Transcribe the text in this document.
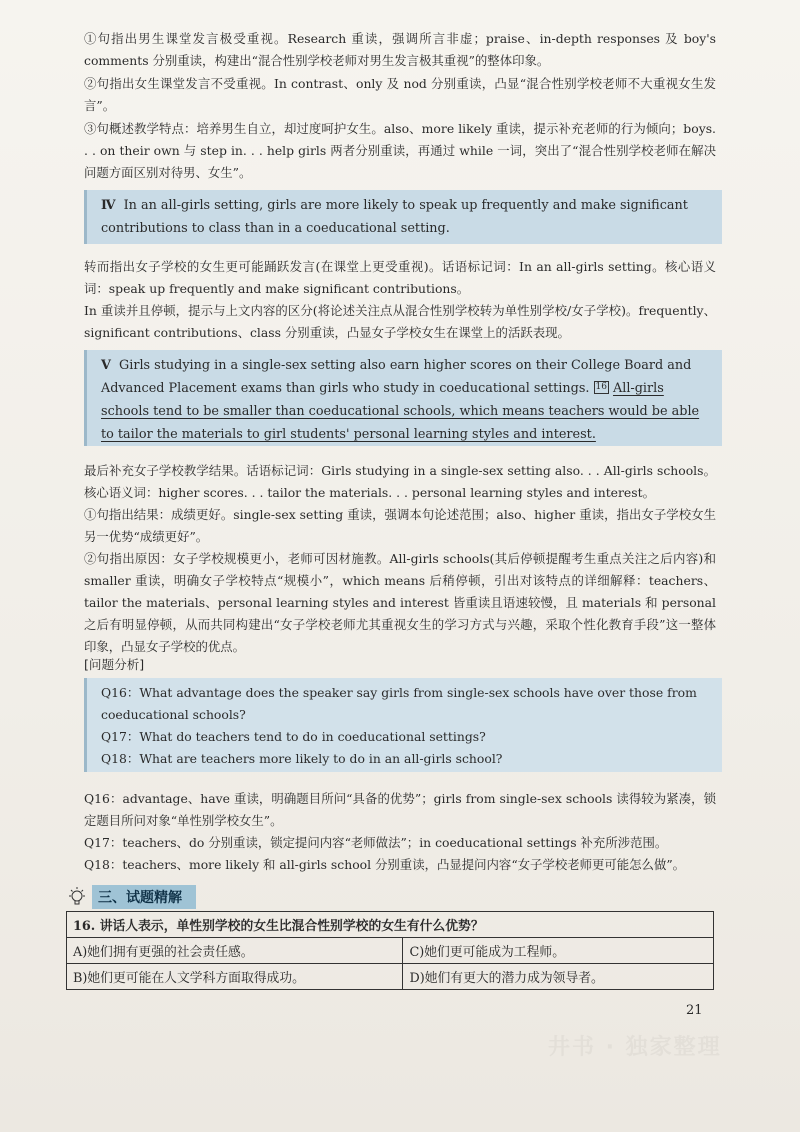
①句指出男生课堂发言极受重视。Research 重读，强调所言非虚；praise、in-depth responses 及 boy's comments 分别重读，构建出“混合性别学校老师对男生发言极其重视”的整体印象。

②句指出女生课堂发言不受重视。In contrast、only 及 nod 分别重读，凸显“混合性别学校老师不大重视女生发言”。

③句概述教学特点：培养男生自立，却过度呵护女生。also、more likely 重读，提示补充老师的行为倾向；boys. . . on their own 与 step in. . . help girls 两者分别重读，再通过 while 一词，突出了“混合性别学校老师在解决问题方面区别对待男、女生”。

Ⅳ In an all-girls setting, girls are more likely to speak up frequently and make significant contributions to class than in a coeducational setting.

转而指出女子学校的女生更可能踊跃发言(在课堂上更受重视)。话语标记词：In an all-girls setting。核心语义词：speak up frequently and make significant contributions。

In 重读并且停顿，提示与上文内容的区分(将论述关注点从混合性别学校转为单性别学校/女子学校)。frequently、significant contributions、class 分别重读，凸显女子学校女生在课堂上的活跃表现。

Ⅴ Girls studying in a single-sex setting also earn higher scores on their College Board and Advanced Placement exams than girls who study in coeducational settings. 16 All-girls schools tend to be smaller than coeducational schools, which means teachers would be able to tailor the materials to girl students' personal learning styles and interest.

最后补充女子学校教学结果。话语标记词：Girls studying in a single-sex setting also. . . All-girls schools。核心语义词：higher scores. . . tailor the materials. . . personal learning styles and interest。

①句指出结果：成绩更好。single-sex setting 重读，强调本句论述范围；also、higher 重读，指出女子学校女生另一优势“成绩更好”。

②句指出原因：女子学校规模更小，老师可因材施教。All-girls schools(其后停顿提醒考生重点关注之后内容)和 smaller 重读，明确女子学校特点“规模小”，which means 后稍停顿，引出对该特点的详细解释：teachers、tailor the materials、personal learning styles and interest 皆重读且语速较慢，且 materials 和 personal 之后有明显停顿，从而共同构建出“女子学校老师尤其重视女生的学习方式与兴趣，采取个性化教育手段”这一整体印象，凸显女子学校的优点。

[问题分析]
Q16：What advantage does the speaker say girls from single-sex schools have over those from coeducational schools?
Q17：What do teachers tend to do in coeducational settings?
Q18：What are teachers more likely to do in an all-girls school?

Q16：advantage、have 重读，明确题目所问“具备的优势”；girls from single-sex schools 读得较为紧凑，锁定题目所问对象“单性别学校女生”。

Q17：teachers、do 分别重读，锁定提问内容“老师做法”；in coeducational settings 补充所涉范围。

Q18：teachers、more likely 和 all-girls school 分别重读，凸显提问内容“女子学校老师更可能怎么做”。

三、试题精解
16. 讲话人表示，单性别学校的女生比混合性别学校的女生有什么优势？	
A)她们拥有更强的社会责任感。	C)她们更可能成为工程师。
B)她们更可能在人文学科方面取得成功。	D)她们有更大的潜力成为领导者。
21
井书 · 独家整理
